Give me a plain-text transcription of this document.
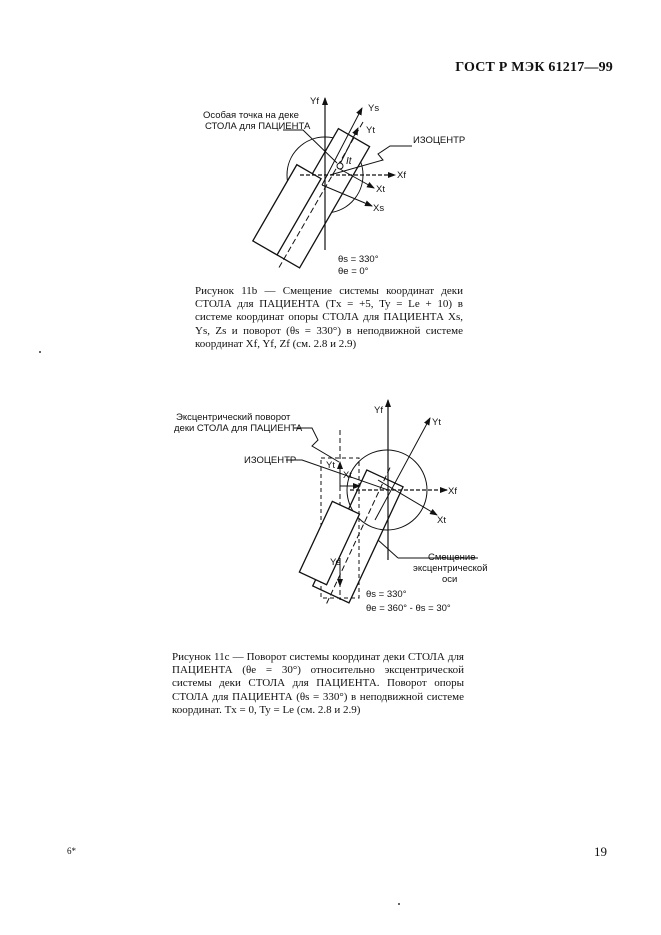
ГОСТ Р МЭК 61217—99
Yf
Ys
Yt
Xf
Xt
Xs
It
Особая точка на деке
СТОЛА для ПАЦИЕНТА
ИЗОЦЕНТР
θs = 330°
θe = 0°
Эксцентрический поворот
деки СТОЛА для ПАЦИЕНТА
ИЗОЦЕНТР
Yf
Yt
Yt
Xt
Xf
Xt
Ye	Смещение
эксцентрической
оси
θs = 330°
θe = 360° - θs = 30°
Рисунок 11b — Смещение системы координат деки СТОЛА для ПАЦИЕНТА (Tx = +5, Ty = Le + 10) в системе координат опоры СТОЛА для ПАЦИЕНТА Xs, Ys, Zs и поворот (θs = 330°) в неподвижной системе координат Xf, Yf, Zf (см. 2.8 и 2.9)
Рисунок 11c — Поворот системы координат деки СТОЛА для ПАЦИЕНТА (θe = 30°) относительно эксцентрической системы деки СТОЛА для ПАЦИЕНТА. Поворот опоры СТОЛА для ПАЦИЕНТА (θs = 330°) в неподвижной системе координат. Tx = 0, Ty = Le (см. 2.8 и 2.9)
6*	19
